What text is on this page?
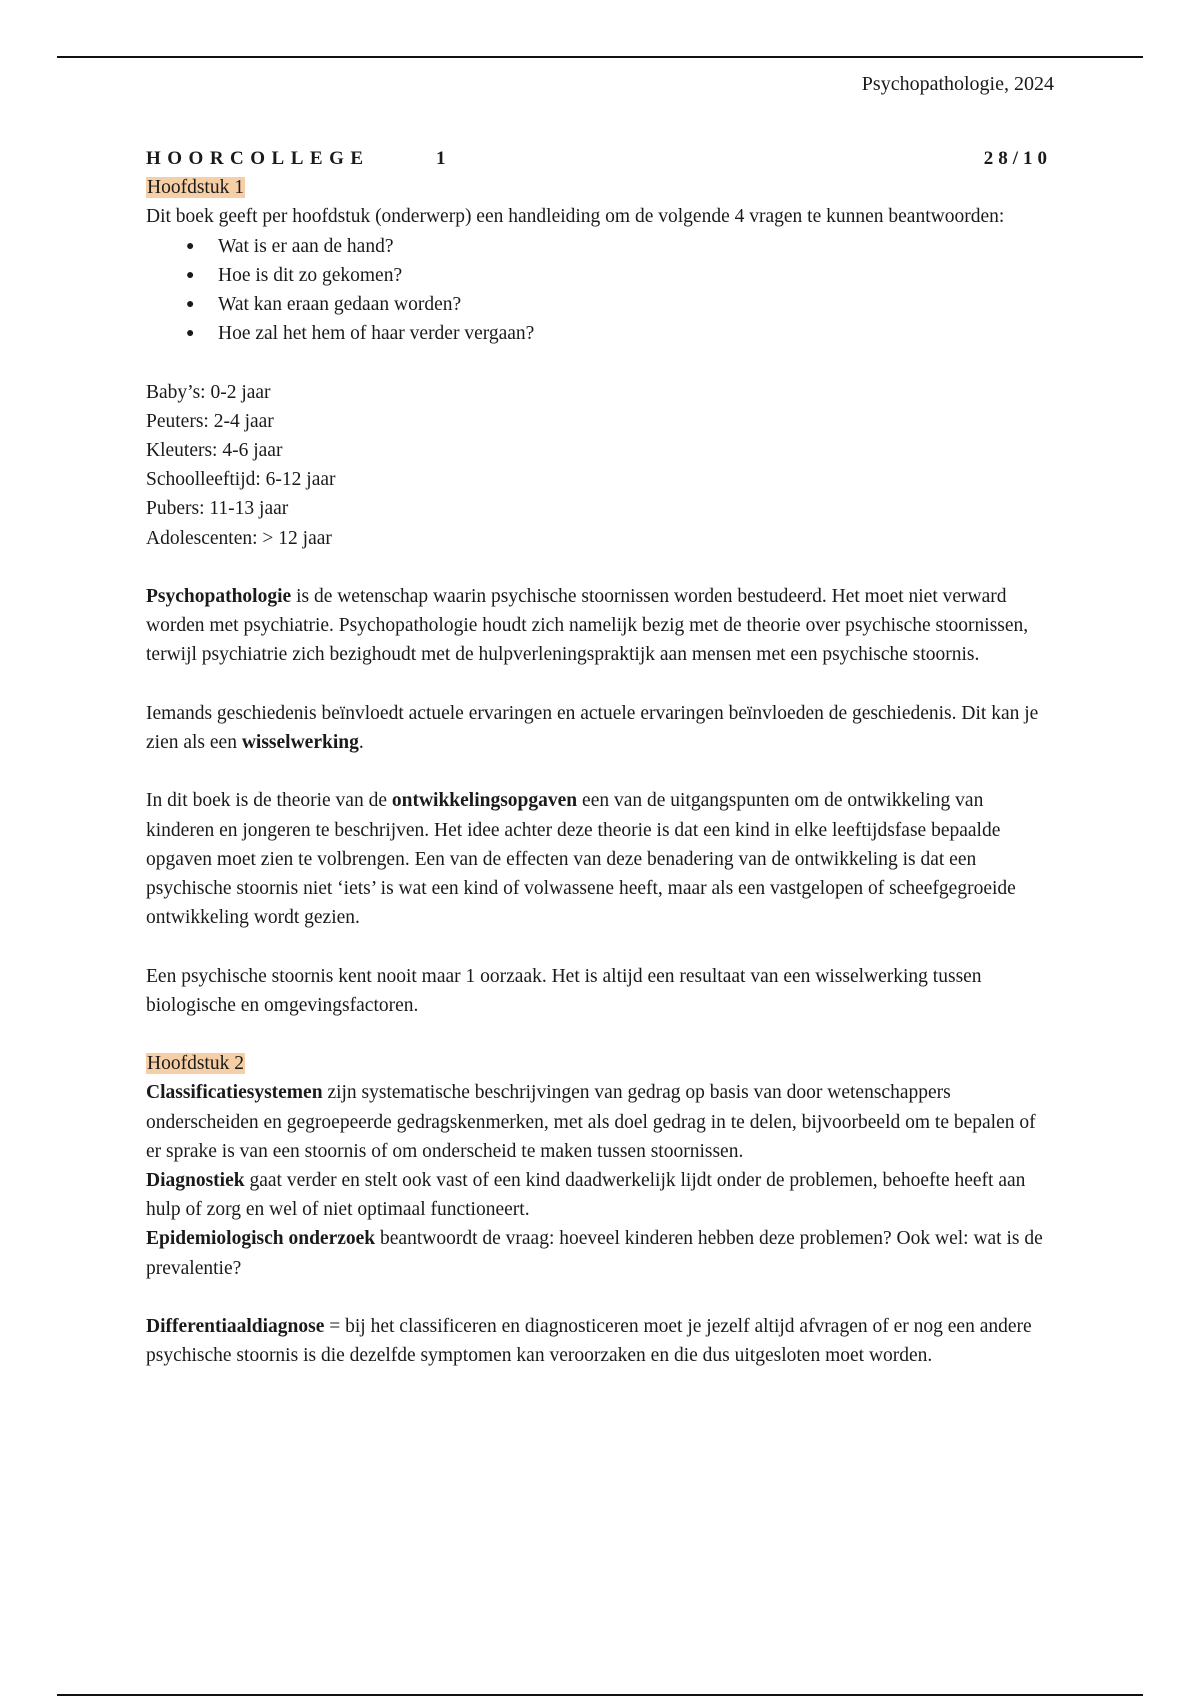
Psychopathologie, 2024
HOORCOLLEGE	1	28/10

Hoofdstuk 1

Dit boek geeft per hoofdstuk (onderwerp) een handleiding om de volgende 4 vragen te kunnen beantwoorden:

● Wat is er aan de hand?
● Hoe is dit zo gekomen?
● Wat kan eraan gedaan worden?
● Hoe zal het hem of haar verder vergaan?

Baby’s: 0-2 jaar

Peuters: 2-4 jaar

Kleuters: 4-6 jaar

Schoolleeftijd: 6-12 jaar

Pubers: 11-13 jaar

Adolescenten: > 12 jaar

Psychopathologie is de wetenschap waarin psychische stoornissen worden bestudeerd. Het moet niet verward worden met psychiatrie. Psychopathologie houdt zich namelijk bezig met de theorie over psychische stoornissen, terwijl psychiatrie zich bezighoudt met de hulpverleningspraktijk aan mensen met een psychische stoornis.

Iemands geschiedenis beïnvloedt actuele ervaringen en actuele ervaringen beïnvloeden de geschiedenis. Dit kan je zien als een wisselwerking.

In dit boek is de theorie van de ontwikkelingsopgaven een van de uitgangspunten om de ontwikkeling van kinderen en jongeren te beschrijven. Het idee achter deze theorie is dat een kind in elke leeftijdsfase bepaalde opgaven moet zien te volbrengen. Een van de effecten van deze benadering van de ontwikkeling is dat een psychische stoornis niet ‘iets’ is wat een kind of volwassene heeft, maar als een vastgelopen of scheefgegroeide ontwikkeling wordt gezien.

Een psychische stoornis kent nooit maar 1 oorzaak. Het is altijd een resultaat van een wisselwerking tussen biologische en omgevingsfactoren.

Hoofdstuk 2

Classificatiesystemen zijn systematische beschrijvingen van gedrag op basis van door wetenschappers onderscheiden en gegroepeerde gedragskenmerken, met als doel gedrag in te delen, bijvoorbeeld om te bepalen of er sprake is van een stoornis of om onderscheid te maken tussen stoornissen.

Diagnostiek gaat verder en stelt ook vast of een kind daadwerkelijk lijdt onder de problemen, behoefte heeft aan hulp of zorg en wel of niet optimaal functioneert.

Epidemiologisch onderzoek beantwoordt de vraag: hoeveel kinderen hebben deze problemen? Ook wel: wat is de prevalentie?

Differentiaaldiagnose = bij het classificeren en diagnosticeren moet je jezelf altijd afvragen of er nog een andere psychische stoornis is die dezelfde symptomen kan veroorzaken en die dus uitgesloten moet worden.
